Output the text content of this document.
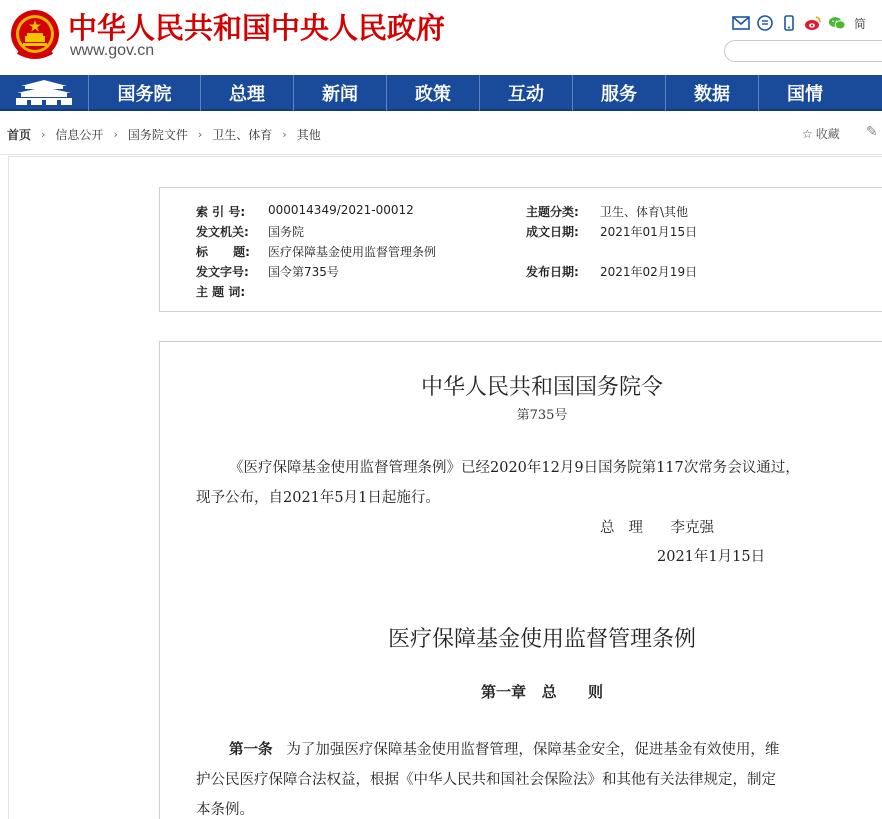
中华人民共和国中央人民政府
www.gov.cn
简
国务院	总理	新闻	政策	互动	服务	数据	国情
首页 › 信息公开 › 国务院文件 › 卫生、体育 › 其他	☆ 收藏 ✎
索 引 号: 000014349/2021-00012	主题分类: 卫生、体育\其他
发文机关: 国务院	成文日期: 2021年01月15日
标      题: 医疗保障基金使用监督管理条例
发文字号: 国令第735号	发布日期: 2021年02月19日
主 题 词:
中华人民共和国国务院令
第735号
《医疗保障基金使用监督管理条例》已经2020年12月9日国务院第117次常务会议通过，
现予公布，自2021年5月1日起施行。
总   理      李克强
2021年1月15日
医疗保障基金使用监督管理条例
第一章   总      则
第一条 为了加强医疗保障基金使用监督管理，保障基金安全，促进基金有效使用，维
护公民医疗保障合法权益，根据《中华人民共和国社会保险法》和其他有关法律规定，制定
本条例。
